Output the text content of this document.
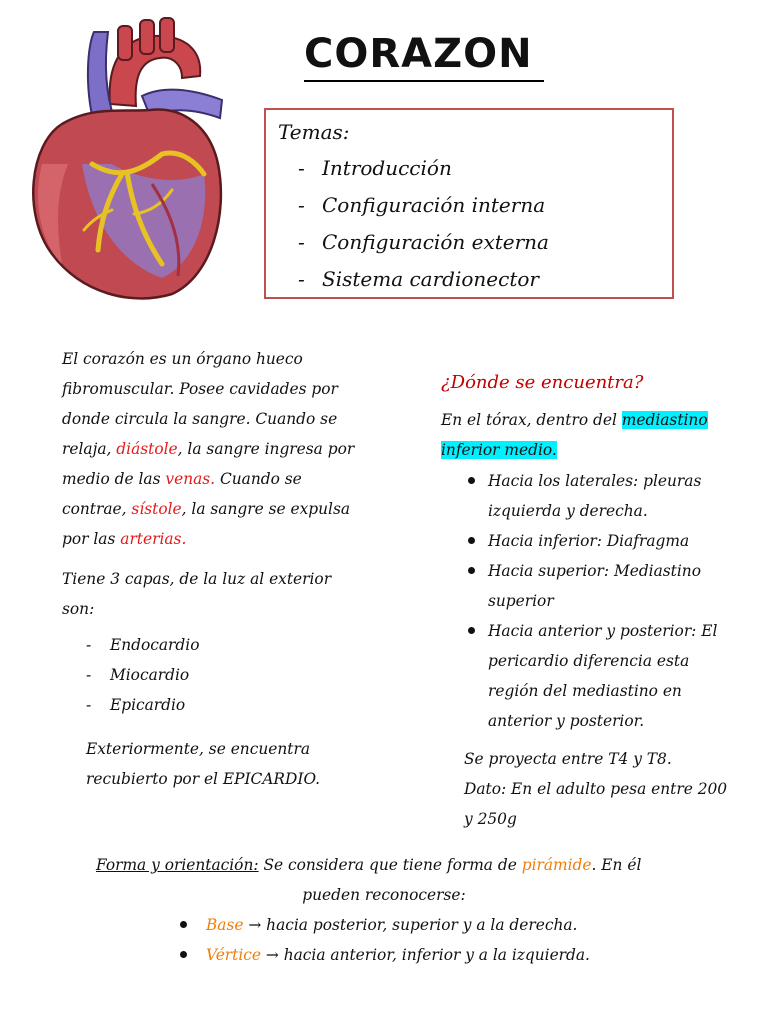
CORAZON
Temas:
- Introducción
- Configuración interna
- Configuración externa
- Sistema cardionector
El corazón es un órgano hueco fibromuscular. Posee cavidades por donde circula la sangre. Cuando se relaja, diástole, la sangre ingresa por medio de las venas. Cuando se contrae, sístole, la sangre se expulsa por las arterias.
Tiene 3 capas, de la luz al exterior son:
- Endocardio
- Miocardio
- Epicardio
Exteriormente, se encuentra recubierto por el EPICARDIO.
¿Dónde se encuentra?
En el tórax, dentro del mediastino inferior medio.
Hacia los laterales: pleuras izquierda y derecha.
Hacia inferior: Diafragma
Hacia superior: Mediastino superior
Hacia anterior y posterior: El pericardio diferencia esta región del mediastino en anterior y posterior.
Se proyecta entre T4 y T8.
Dato: En el adulto pesa entre 200 y 250g
Forma y orientación: Se considera que tiene forma de pirámide. En él
pueden reconocerse:
Base → hacia posterior, superior y a la derecha.
Vértice → hacia anterior, inferior y a la izquierda.
